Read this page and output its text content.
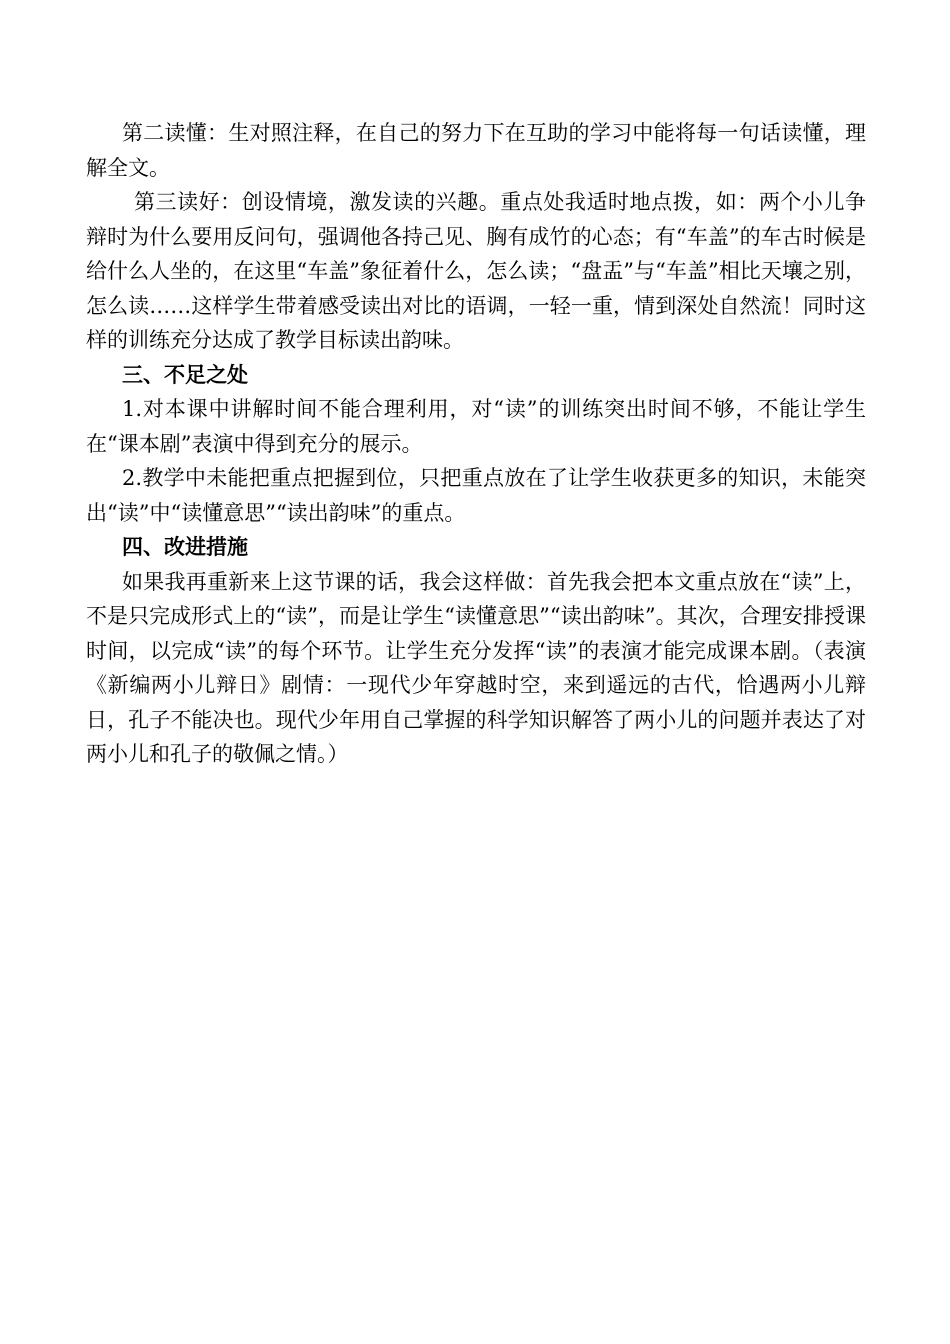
第二读懂：生对照注释，在自己的努力下在互助的学习中能将每一句话读懂，理解全文。

第三读好：创设情境，激发读的兴趣。重点处我适时地点拨，如：两个小儿争辩时为什么要用反问句，强调他各持己见、胸有成竹的心态；有“车盖”的车古时候是给什么人坐的，在这里“车盖”象征着什么，怎么读；“盘盂”与“车盖”相比天壤之别，怎么读……这样学生带着感受读出对比的语调，一轻一重，情到深处自然流！同时这样的训练充分达成了教学目标读出韵味。

三、不足之处

1.对本课中讲解时间不能合理利用，对“读”的训练突出时间不够，不能让学生在“课本剧”表演中得到充分的展示。

2.教学中未能把重点把握到位，只把重点放在了让学生收获更多的知识，未能突出“读”中“读懂意思”“读出韵味”的重点。

四、改进措施

如果我再重新来上这节课的话，我会这样做：首先我会把本文重点放在“读”上，不是只完成形式上的“读”，而是让学生“读懂意思”“读出韵味”。其次，合理安排授课时间，以完成“读”的每个环节。让学生充分发挥“读”的表演才能完成课本剧。（表演《新编两小儿辩日》剧情：一现代少年穿越时空，来到遥远的古代，恰遇两小儿辩日，孔子不能决也。现代少年用自己掌握的科学知识解答了两小儿的问题并表达了对两小儿和孔子的敬佩之情。）
